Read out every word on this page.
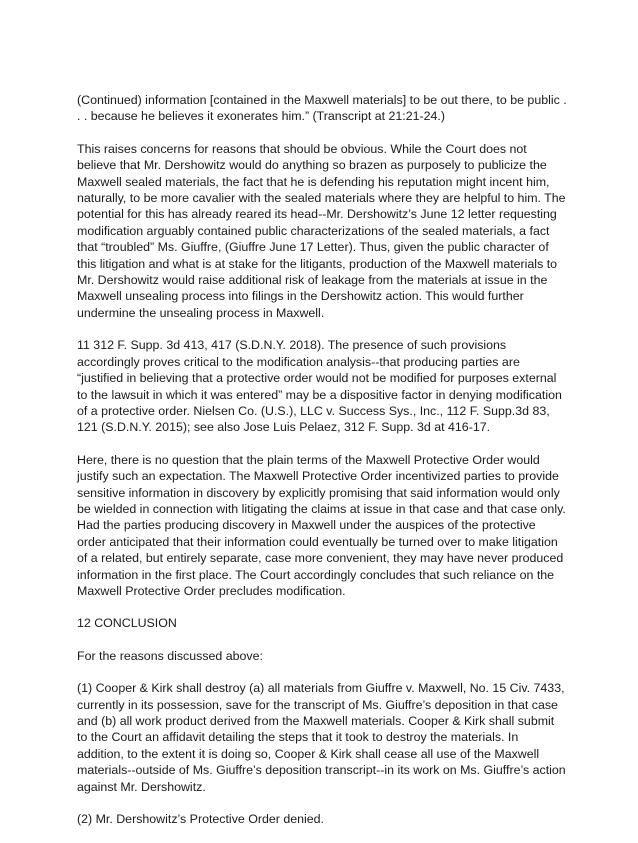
(Continued) information [contained in the Maxwell materials] to be out there, to be public . . . because he believes it exonerates him.” (Transcript at 21:21-24.)

This raises concerns for reasons that should be obvious. While the Court does not believe that Mr. Dershowitz would do anything so brazen as purposely to publicize the Maxwell sealed materials, the fact that he is defending his reputation might incent him, naturally, to be more cavalier with the sealed materials where they are helpful to him. The potential for this has already reared its head--Mr. Dershowitz’s June 12 letter requesting modification arguably contained public characterizations of the sealed materials, a fact that “troubled” Ms. Giuffre, (Giuffre June 17 Letter). Thus, given the public character of this litigation and what is at stake for the litigants, production of the Maxwell materials to Mr. Dershowitz would raise additional risk of leakage from the materials at issue in the Maxwell unsealing process into filings in the Dershowitz action. This would further undermine the unsealing process in Maxwell.

11 312 F. Supp. 3d 413, 417 (S.D.N.Y. 2018). The presence of such provisions accordingly proves critical to the modification analysis--that producing parties are “justified in believing that a protective order would not be modified for purposes external to the lawsuit in which it was entered” may be a dispositive factor in denying modification of a protective order. Nielsen Co. (U.S.), LLC v. Success Sys., Inc., 112 F. Supp.3d 83, 121 (S.D.N.Y. 2015); see also Jose Luis Pelaez, 312 F. Supp. 3d at 416-17.

Here, there is no question that the plain terms of the Maxwell Protective Order would justify such an expectation. The Maxwell Protective Order incentivized parties to provide sensitive information in discovery by explicitly promising that said information would only be wielded in connection with litigating the claims at issue in that case and that case only. Had the parties producing discovery in Maxwell under the auspices of the protective order anticipated that their information could eventually be turned over to make litigation of a related, but entirely separate, case more convenient, they may have never produced information in the first place. The Court accordingly concludes that such reliance on the Maxwell Protective Order precludes modification.

12 CONCLUSION

For the reasons discussed above:

(1) Cooper & Kirk shall destroy (a) all materials from Giuffre v. Maxwell, No. 15 Civ. 7433, currently in its possession, save for the transcript of Ms. Giuffre’s deposition in that case and (b) all work product derived from the Maxwell materials. Cooper & Kirk shall submit to the Court an affidavit detailing the steps that it took to destroy the materials. In addition, to the extent it is doing so, Cooper & Kirk shall cease all use of the Maxwell materials--outside of Ms. Giuffre’s deposition transcript--in its work on Ms. Giuffre’s action against Mr. Dershowitz.

(2) Mr. Dershowitz’s Protective Order denied.
